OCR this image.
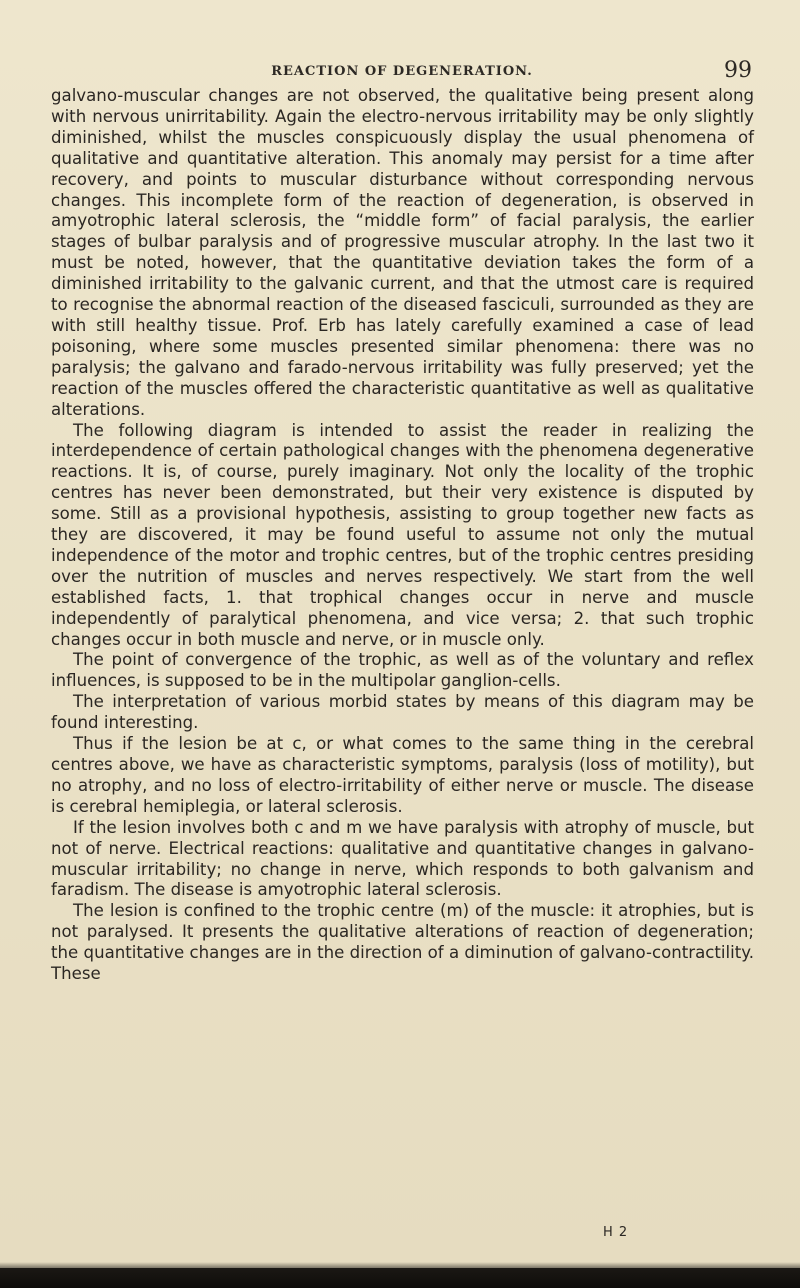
REACTION OF DEGENERATION.	99

galvano-muscular changes are not observed, the qualitative being present along with nervous unirritability. Again the electro-nervous irritability may be only slightly diminished, whilst the muscles conspicuously display the usual phenomena of qualitative and quantitative alteration. This anomaly may persist for a time after recovery, and points to muscular disturbance without corresponding nervous changes. This incomplete form of the reaction of degeneration, is observed in amyotrophic lateral sclerosis, the “middle form” of facial paralysis, the earlier stages of bulbar paralysis and of progressive muscular atrophy. In the last two it must be noted, however, that the quantitative deviation takes the form of a diminished irritability to the galvanic current, and that the utmost care is required to recognise the abnormal reaction of the diseased fasciculi, surrounded as they are with still healthy tissue. Prof. Erb has lately carefully examined a case of lead poisoning, where some muscles presented similar phenomena: there was no paralysis; the galvano and farado-nervous irritability was fully preserved; yet the reaction of the muscles offered the characteristic quantitative as well as qualitative alterations.

The following diagram is intended to assist the reader in realizing the interdependence of certain pathological changes with the phenomena degenerative reactions. It is, of course, purely imaginary. Not only the locality of the trophic centres has never been demonstrated, but their very existence is disputed by some. Still as a provisional hypothesis, assisting to group together new facts as they are discovered, it may be found useful to assume not only the mutual independence of the motor and trophic centres, but of the trophic centres presiding over the nutrition of muscles and nerves respectively. We start from the well established facts, 1. that trophical changes occur in nerve and muscle independently of paralytical phenomena, and vice versa; 2. that such trophic changes occur in both muscle and nerve, or in muscle only.

The point of convergence of the trophic, as well as of the voluntary and reflex influences, is supposed to be in the multipolar ganglion-cells.

The interpretation of various morbid states by means of this diagram may be found interesting.

Thus if the lesion be at c, or what comes to the same thing in the cerebral centres above, we have as characteristic symptoms, paralysis (loss of motility), but no atrophy, and no loss of electro-irritability of either nerve or muscle. The disease is cerebral hemiplegia, or lateral sclerosis.

If the lesion involves both c and m we have paralysis with atrophy of muscle, but not of nerve. Electrical reactions: qualitative and quantitative changes in galvano-muscular irritability; no change in nerve, which responds to both galvanism and faradism. The disease is amyotrophic lateral sclerosis.

The lesion is confined to the trophic centre (m) of the muscle: it atrophies, but is not paralysed. It presents the qualitative alterations of reaction of degeneration; the quantitative changes are in the direction of a diminution of galvano-contractility. These

H 2
